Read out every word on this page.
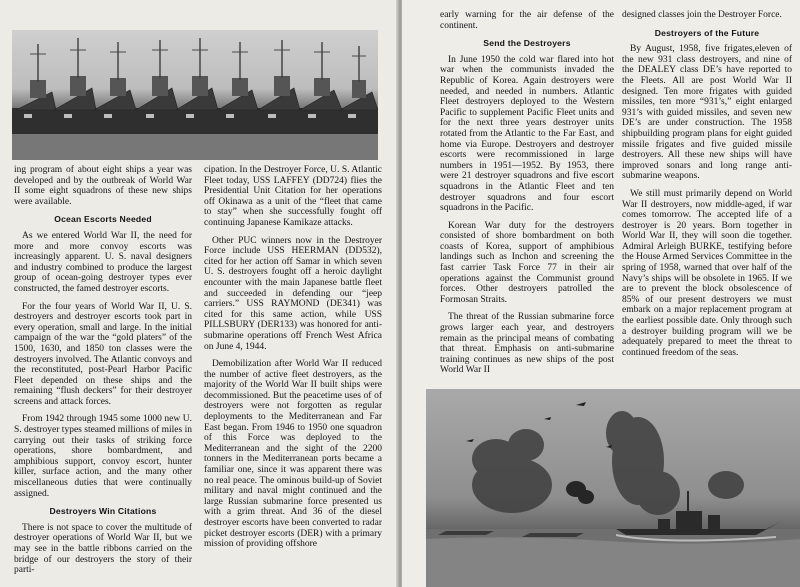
ing program of about eight ships a year was developed and by the outbreak of World War II some eight squadrons of these new ships were available.

Ocean Escorts Needed

As we entered World War II, the need for more and more convoy escorts was increasingly apparent. U. S. naval designers and industry combined to produce the largest group of ocean-going destroyer types ever constructed, the famed destroyer escorts.

For the four years of World War II, U. S. destroyers and destroyer escorts took part in every operation, small and large. In the initial campaign of the war the “gold platers” of the 1500, 1630, and 1850 ton classes were the destroyers involved. The Atlantic convoys and the reconstituted, post-Pearl Harbor Pacific Fleet depended on these ships and the remaining “flush deckers” for their destroyer screens and attack forces.

From 1942 through 1945 some 1000 new U. S. destroyer types steamed millions of miles in carrying out their tasks of striking force operations, shore bombardment, and amphibious support, convoy escort, hunter killer, surface action, and the many other miscellaneous duties that were continually assigned.

Destroyers Win Citations

There is not space to cover the multitude of destroyer operations of World War II, but we may see in the battle ribbons carried on the bridge of our destroyers the story of their parti-

cipation. In the Destroyer Force, U. S. Atlantic Fleet today, USS LAFFEY (DD724) flies the Presidential Unit Citation for her operations off Okinawa as a unit of the “fleet that came to stay” when she successfully fought off continuing Japanese Kamikaze attacks.

Other PUC winners now in the Destroyer Force include USS HEERMAN (DD532), cited for her action off Samar in which seven U. S. destroyers fought off a heroic daylight encounter with the main Japanese battle fleet and succeeded in defending our “jeep carriers.” USS RAYMOND (DE341) was cited for this same action, while USS PILLSBURY (DER133) was honored for anti-submarine operations off French West Africa on June 4, 1944.

Demobilization after World War II reduced the number of active fleet destroyers, as the majority of the World War II built ships were decommissioned. But the peacetime uses of of destroyers were not forgotten as regular deployments to the Mediterranean and Far East began. From 1946 to 1950 one squadron of this Force was deployed to the Mediterranean and the sight of the 2200 tonners in the Mediterranean ports became a familiar one, since it was apparent there was no real peace. The ominous build-up of Soviet military and naval might continued and the large Russian submarine force presented us with a grim threat. And 36 of the diesel destroyer escorts have been converted to radar picket destroyer escorts (DER) with a primary mission of providing offshore

early warning for the air defense of the continent.

Send the Destroyers

In June 1950 the cold war flared into hot war when the communists invaded the Republic of Korea. Again destroyers were needed, and needed in numbers. Atlantic Fleet destroyers deployed to the Western Pacific to supplement Pacific Fleet units and for the next three years destroyer units rotated from the Atlantic to the Far East, and home via Europe. Destroyers and destroyer escorts were recommissioned in large numbers in 1951—1952. By 1953, there were 21 destroyer squadrons and five escort squadrons in the Atlantic Fleet and ten destroyer squadrons and four escort squadrons in the Pacific.

Korean War duty for the destroyers consisted of shore bombardment on both coasts of Korea, support of amphibious landings such as Inchon and screening the fast carrier Task Force 77 in their air operations against the Communist ground forces. Other destroyers patrolled the Formosan Straits.

The threat of the Russian submarine force grows larger each year, and destroyers remain as the principal means of combating that threat. Emphasis on anti-submarine training continues as new ships of the post World War II

designed classes join the Destroyer Force.

Destroyers of the Future

By August, 1958, five frigates,eleven of the new 931 class destroyers, and nine of the DEALEY class DE’s have reported to the Fleets. All are post World War II designed. Ten more frigates with guided missiles, ten more “931’s,” eight enlarged 931’s with guided missiles, and seven new DE’s are under construction. The 1958 shipbuilding program plans for eight guided missile frigates and five guided missile destroyers. All these new ships will have improved sonars and long range anti-submarine weapons.

We still must primarily depend on World War II destroyers, now middle-aged, if war comes tomorrow. The accepted life of a destroyer is 20 years. Born together in World War II, they will soon die together. Admiral Arleigh BURKE, testifying before the House Armed Services Committee in the spring of 1958, warned that over half of the Navy’s ships will be obsolete in 1965. If we are to prevent the block obsolescence of 85% of our present destroyers we must embark on a major replacement program at the earliest possible date. Only through such a destroyer building program will we be adequately prepared to meet the threat to continued freedom of the seas.
